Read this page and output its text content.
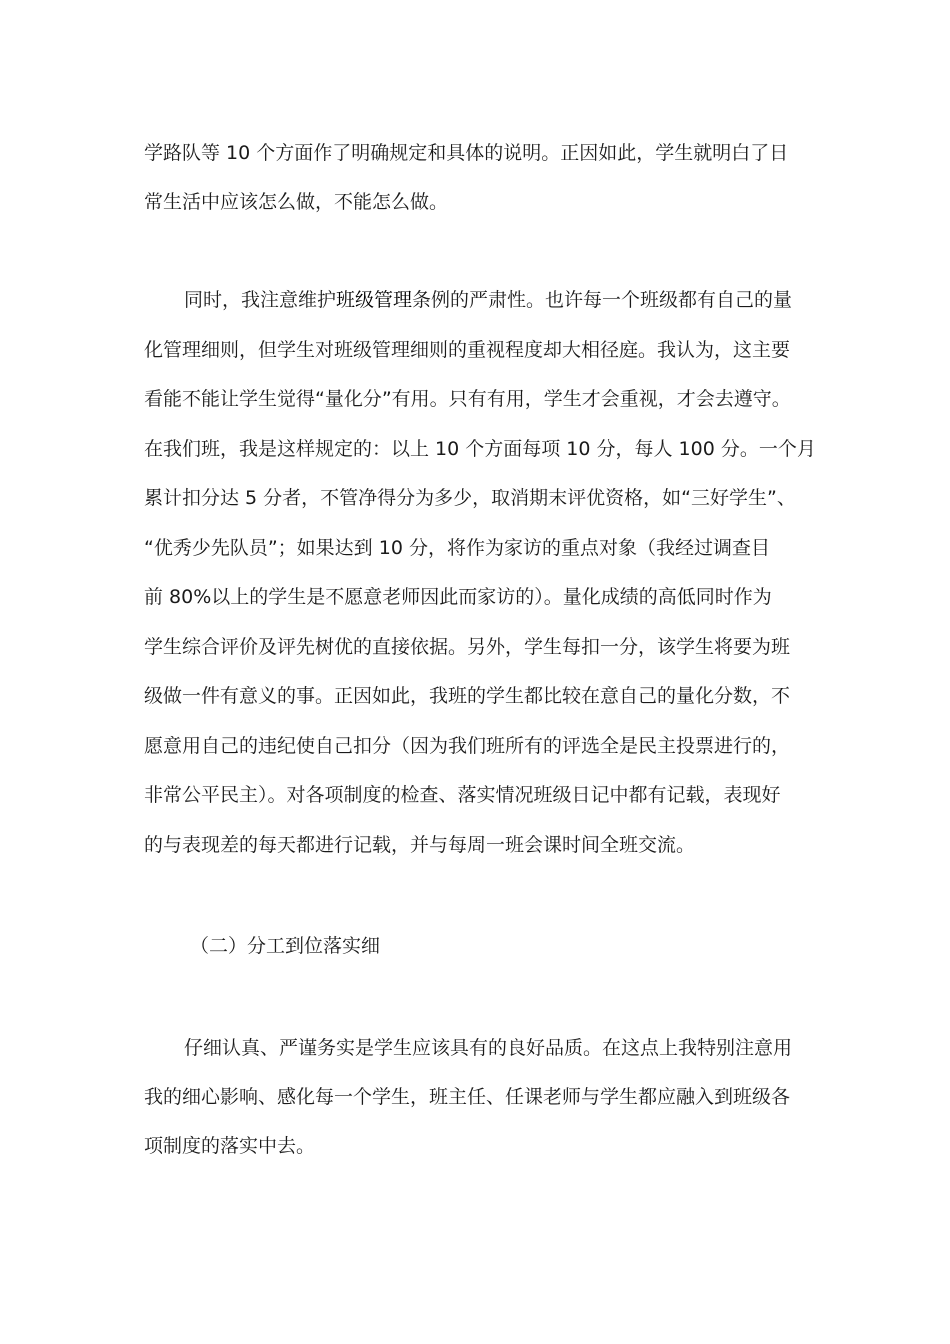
学路队等 10 个方面作了明确规定和具体的说明。正因如此，学生就明白了日
常生活中应该怎么做，不能怎么做。
同时，我注意维护班级管理条例的严肃性。也许每一个班级都有自己的量
化管理细则，但学生对班级管理细则的重视程度却大相径庭。我认为，这主要
看能不能让学生觉得“量化分”有用。只有有用，学生才会重视，才会去遵守。
在我们班，我是这样规定的：以上 10 个方面每项 10 分，每人 100 分。一个月
累计扣分达 5 分者，不管净得分为多少，取消期末评优资格，如“三好学生”、
“优秀少先队员”；如果达到 10 分，将作为家访的重点对象（我经过调查目
前 80%以上的学生是不愿意老师因此而家访的）。量化成绩的高低同时作为
学生综合评价及评先树优的直接依据。另外，学生每扣一分，该学生将要为班
级做一件有意义的事。正因如此，我班的学生都比较在意自己的量化分数，不
愿意用自己的违纪使自己扣分（因为我们班所有的评选全是民主投票进行的，
非常公平民主）。对各项制度的检查、落实情况班级日记中都有记载，表现好
的与表现差的每天都进行记载，并与每周一班会课时间全班交流。
（二）分工到位落实细
仔细认真、严谨务实是学生应该具有的良好品质。在这点上我特别注意用
我的细心影响、感化每一个学生，班主任、任课老师与学生都应融入到班级各
项制度的落实中去。
